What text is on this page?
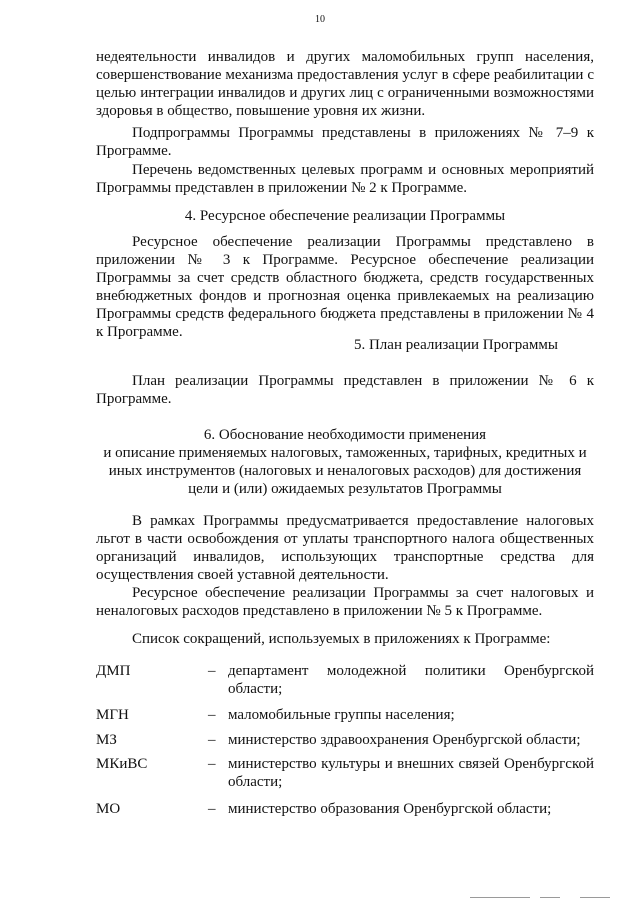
10

недеятельности инвалидов и других маломобильных групп населения, совершенствование механизма предоставления услуг в сфере реабилитации с целью интеграции инвалидов и других лиц с ограниченными возможностями здоровья в общество, повышение уровня их жизни.

Подпрограммы Программы представлены в приложениях № 7–9 к Программе.

Перечень ведомственных целевых программ и основных мероприятий Программы представлен в приложении № 2 к Программе.

4. Ресурсное обеспечение реализации Программы

Ресурсное обеспечение реализации Программы представлено в приложении № 3 к Программе. Ресурсное обеспечение реализации Программы за счет средств областного бюджета, средств государственных внебюджетных фондов и прогнозная оценка привлекаемых на реализацию Программы средств федерального бюджета представлены в приложении № 4 к Программе.

5. План реализации Программы

План реализации Программы представлен в приложении № 6 к Программе.

6. Обоснование необходимости применения

и описание применяемых налоговых, таможенных, тарифных, кредитных и иных инструментов (налоговых и неналоговых расходов) для достижения цели и (или) ожидаемых результатов Программы

В рамках Программы предусматривается предоставление налоговых льгот в части освобождения от уплаты транспортного налога общественных организаций инвалидов, использующих транспортные средства для осуществления своей уставной деятельности.

Ресурсное обеспечение реализации Программы за счет налоговых и неналоговых расходов представлено в приложении № 5 к Программе.

Список сокращений, используемых в приложениях к Программе:

ДМП	– департамент молодежной политики Оренбургской области;
МГН	– маломобильные группы населения;
МЗ	– министерство здравоохранения Оренбургской области;
МКиВС	– министерство культуры и внешних связей Оренбургской области;
МО	– министерство образования Оренбургской области;
